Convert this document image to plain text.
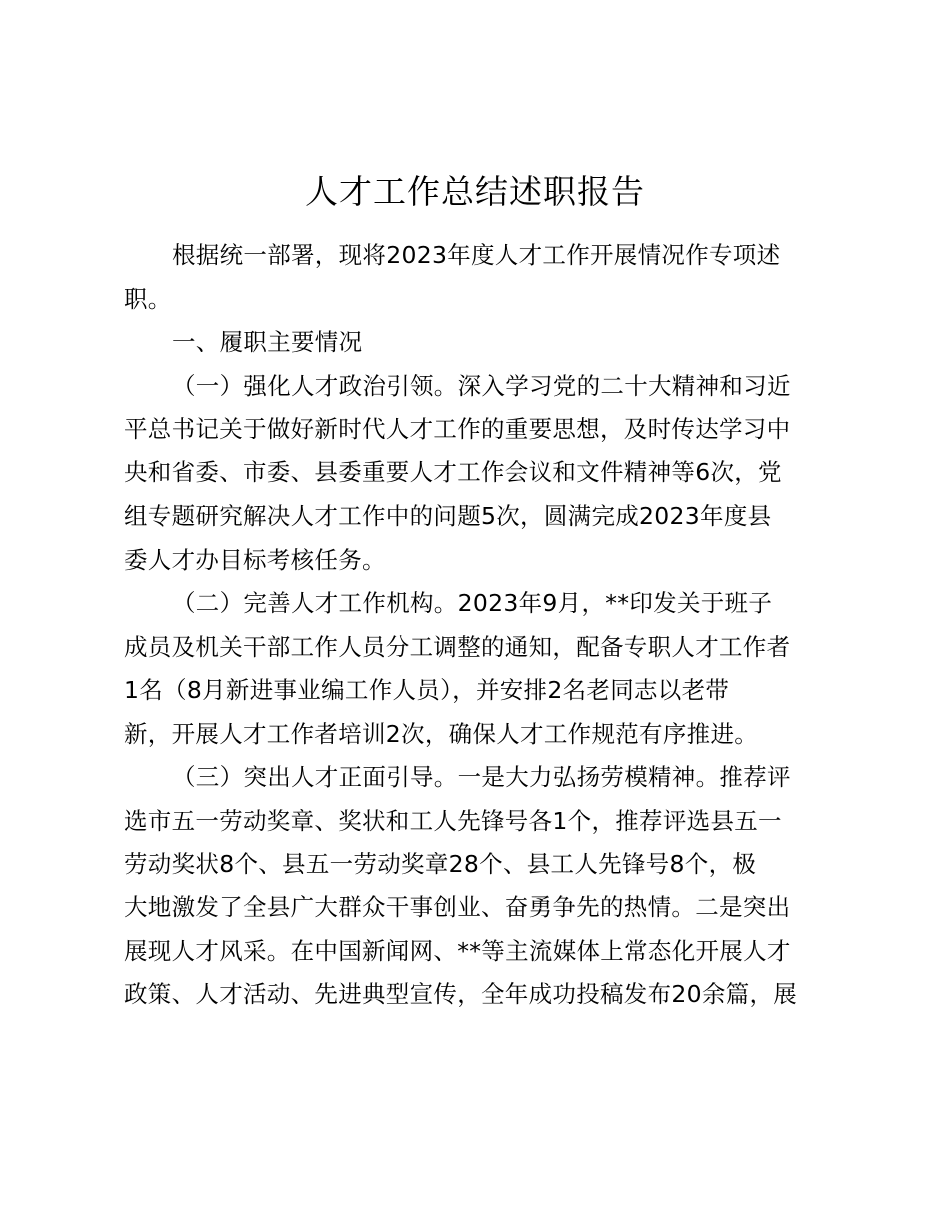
人才工作总结述职报告
根据统一部署，现将2023年度人才工作开展情况作专项述
职。
一、履职主要情况
（一）强化人才政治引领。深入学习党的二十大精神和习近
平总书记关于做好新时代人才工作的重要思想，及时传达学习中
央和省委、市委、县委重要人才工作会议和文件精神等6次，党
组专题研究解决人才工作中的问题5次，圆满完成2023年度县
委人才办目标考核任务。
（二）完善人才工作机构。2023年9月，**印发关于班子
成员及机关干部工作人员分工调整的通知，配备专职人才工作者
1名（8月新进事业编工作人员），并安排2名老同志以老带
新，开展人才工作者培训2次，确保人才工作规范有序推进。
（三）突出人才正面引导。一是大力弘扬劳模精神。推荐评
选市五一劳动奖章、奖状和工人先锋号各1个，推荐评选县五一
劳动奖状8个、县五一劳动奖章28个、县工人先锋号8个，极
大地激发了全县广大群众干事创业、奋勇争先的热情。二是突出
展现人才风采。在中国新闻网、**等主流媒体上常态化开展人才
政策、人才活动、先进典型宣传，全年成功投稿发布20余篇，展
